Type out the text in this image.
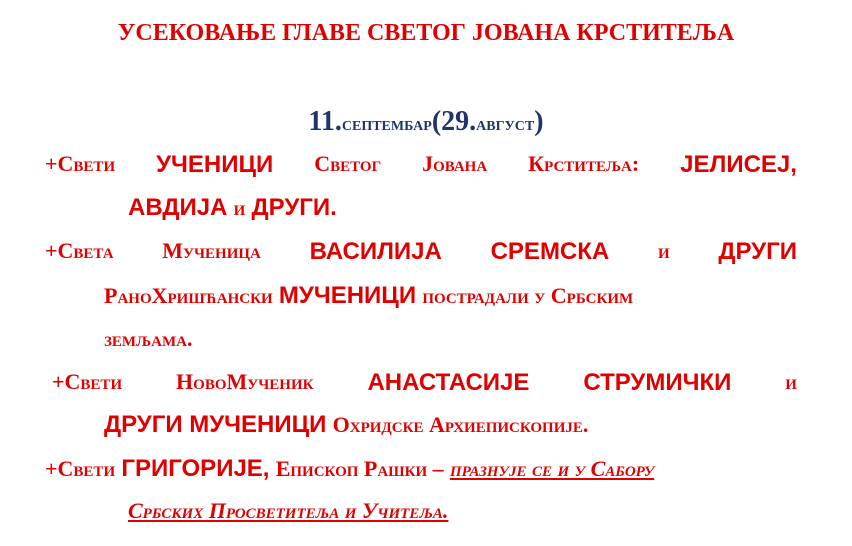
УСЕКОВАЊЕ ГЛАВЕ СВЕТОГ ЈОВАНА КРСТИТЕЉА
11.септембар(29.август)
+Свети УЧЕНИЦИ Светог Јована Крститеља: ЈЕЛИСЕЈ,
АВДИЈА и ДРУГИ.
+Света Мученица ВАСИЛИЈА СРЕМСКА и ДРУГИ
РаноХришћански МУЧЕНИЦИ пострадали у Србским
земљама.
+Свети НовоМученик АНАСТАСИЈЕ СТРУМИЧКИ и
ДРУГИ МУЧЕНИЦИ Охридске Архиепископије.
+Свети ГРИГОРИЈЕ, Епископ Рашки – празнује се и у Сабору
Србских Просветитеља и Учитеља.
